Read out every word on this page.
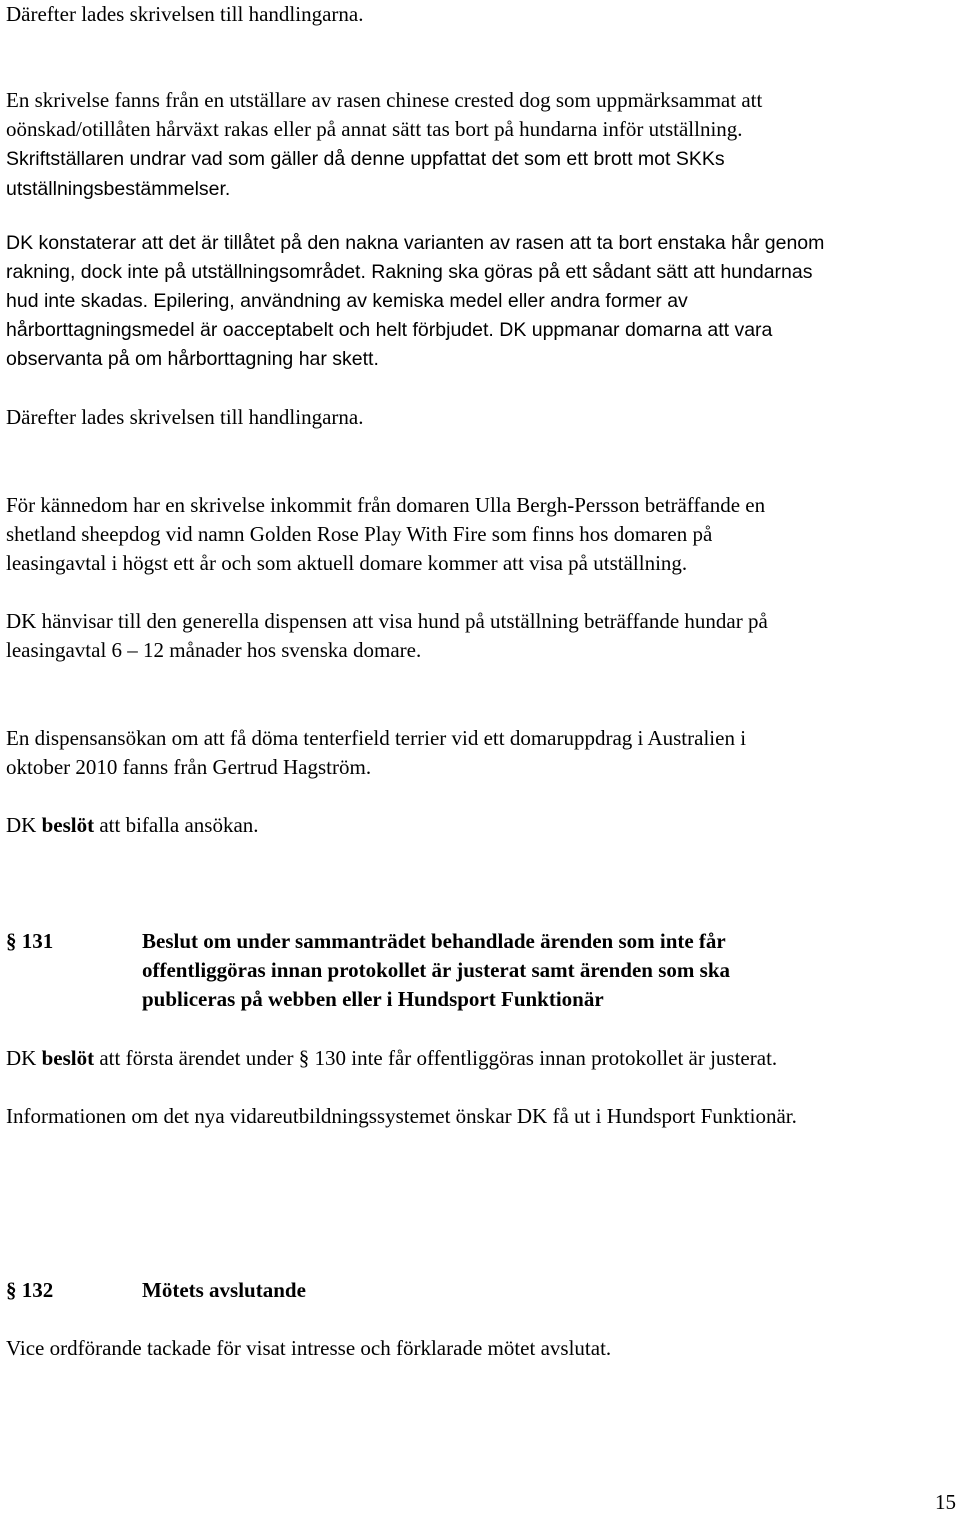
Därefter lades skrivelsen till handlingarna.

En skrivelse fanns från en utställare av rasen chinese crested dog som uppmärksammat att
oönskad/otillåten hårväxt rakas eller på annat sätt tas bort på hundarna inför utställning.
Skriftställaren undrar vad som gäller då denne uppfattat det som ett brott mot SKKs
utställningsbestämmelser.

DK konstaterar att det är tillåtet på den nakna varianten av rasen att ta bort enstaka hår genom
rakning, dock inte på utställningsområdet. Rakning ska göras på ett sådant sätt att hundarnas
hud inte skadas. Epilering, användning av kemiska medel eller andra former av
hårborttagningsmedel är oacceptabelt och helt förbjudet. DK uppmanar domarna att vara
observanta på om hårborttagning har skett.

Därefter lades skrivelsen till handlingarna.

För kännedom har en skrivelse inkommit från domaren Ulla Bergh-Persson beträffande en
shetland sheepdog vid namn Golden Rose Play With Fire som finns hos domaren på
leasingavtal i högst ett år och som aktuell domare kommer att visa på utställning.

DK hänvisar till den generella dispensen att visa hund på utställning beträffande hundar på
leasingavtal 6 – 12 månader hos svenska domare.

En dispensansökan om att få döma tenterfield terrier vid ett domaruppdrag i Australien i
oktober 2010 fanns från Gertrud Hagström.

DK beslöt att bifalla ansökan.

§ 131	Beslut om under sammanträdet behandlade ärenden som inte får
offentliggöras innan protokollet är justerat samt ärenden som ska
publiceras på webben eller i Hundsport Funktionär

DK beslöt att första ärendet under § 130 inte får offentliggöras innan protokollet är justerat.

Informationen om det nya vidareutbildningssystemet önskar DK få ut i Hundsport Funktionär.

§ 132	Mötets avslutande

Vice ordförande tackade för visat intresse och förklarade mötet avslutat.

15
